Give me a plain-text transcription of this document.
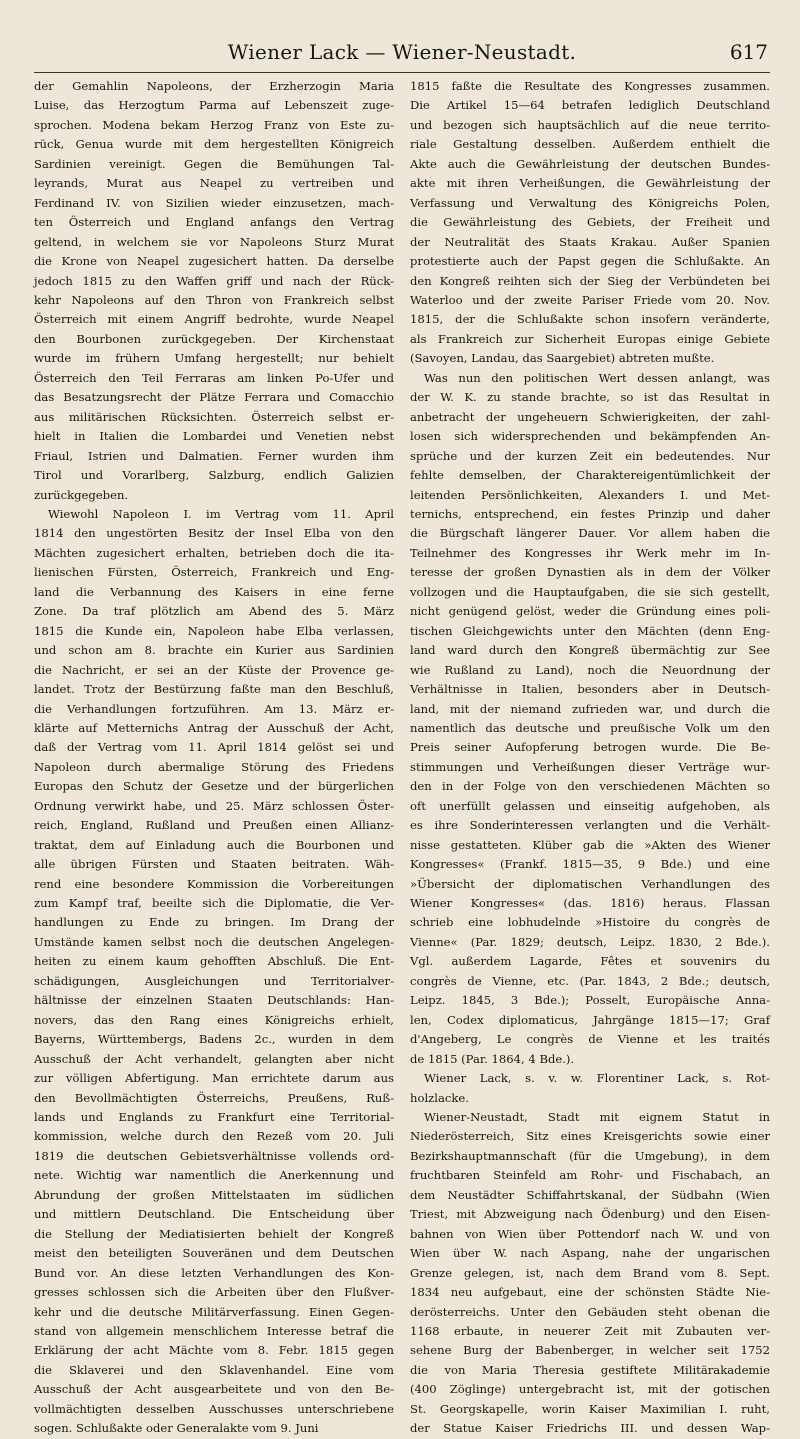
Wiener Lack — Wiener-Neustadt.	617
der Gemahlin Napoleons, der Erzherzogin Maria
Luise, das Herzogtum Parma auf Lebenszeit zuge-
sprochen. Modena bekam Herzog Franz von Este zu-
rück, Genua wurde mit dem hergestellten Königreich
Sardinien vereinigt. Gegen die Bemühungen Tal-
leyrands, Murat aus Neapel zu vertreiben und
Ferdinand IV. von Sizilien wieder einzusetzen, mach-
ten Österreich und England anfangs den Vertrag
geltend, in welchem sie vor Napoleons Sturz Murat
die Krone von Neapel zugesichert hatten. Da derselbe
jedoch 1815 zu den Waffen griff und nach der Rück-
kehr Napoleons auf den Thron von Frankreich selbst
Österreich mit einem Angriff bedrohte, wurde Neapel
den Bourbonen zurückgegeben. Der Kirchenstaat
wurde im frühern Umfang hergestellt; nur behielt
Österreich den Teil Ferraras am linken Po-Ufer und
das Besatzungsrecht der Plätze Ferrara und Comacchio
aus militärischen Rücksichten. Österreich selbst er-
hielt in Italien die Lombardei und Venetien nebst
Friaul, Istrien und Dalmatien. Ferner wurden ihm
Tirol und Vorarlberg, Salzburg, endlich Galizien
zurückgegeben.
Wiewohl Napoleon I. im Vertrag vom 11. April
1814 den ungestörten Besitz der Insel Elba von den
Mächten zugesichert erhalten, betrieben doch die ita-
lienischen Fürsten, Österreich, Frankreich und Eng-
land die Verbannung des Kaisers in eine ferne
Zone. Da traf plötzlich am Abend des 5. März
1815 die Kunde ein, Napoleon habe Elba verlassen,
und schon am 8. brachte ein Kurier aus Sardinien
die Nachricht, er sei an der Küste der Provence ge-
landet. Trotz der Bestürzung faßte man den Beschluß,
die Verhandlungen fortzuführen. Am 13. März er-
klärte auf Metternichs Antrag der Ausschuß der Acht,
daß der Vertrag vom 11. April 1814 gelöst sei und
Napoleon durch abermalige Störung des Friedens
Europas den Schutz der Gesetze und der bürgerlichen
Ordnung verwirkt habe, und 25. März schlossen Öster-
reich, England, Rußland und Preußen einen Allianz-
traktat, dem auf Einladung auch die Bourbonen und
alle übrigen Fürsten und Staaten beitraten. Wäh-
rend eine besondere Kommission die Vorbereitungen
zum Kampf traf, beeilte sich die Diplomatie, die Ver-
handlungen zu Ende zu bringen. Im Drang der
Umstände kamen selbst noch die deutschen Angelegen-
heiten zu einem kaum gehofften Abschluß. Die Ent-
schädigungen, Ausgleichungen und Territorialver-
hältnisse der einzelnen Staaten Deutschlands: Han-
novers, das den Rang eines Königreichs erhielt,
Bayerns, Württembergs, Badens 2c., wurden in dem
Ausschuß der Acht verhandelt, gelangten aber nicht
zur völligen Abfertigung. Man errichtete darum aus
den Bevollmächtigten Österreichs, Preußens, Ruß-
lands und Englands zu Frankfurt eine Territorial-
kommission, welche durch den Rezeß vom 20. Juli
1819 die deutschen Gebietsverhältnisse vollends ord-
nete. Wichtig war namentlich die Anerkennung und
Abrundung der großen Mittelstaaten im südlichen
und mittlern Deutschland. Die Entscheidung über
die Stellung der Mediatisierten behielt der Kongreß
meist den beteiligten Souveränen und dem Deutschen
Bund vor. An diese letzten Verhandlungen des Kon-
gresses schlossen sich die Arbeiten über den Flußver-
kehr und die deutsche Militärverfassung. Einen Gegen-
stand von allgemein menschlichem Interesse betraf die
Erklärung der acht Mächte vom 8. Febr. 1815 gegen
die Sklaverei und den Sklavenhandel. Eine vom
Ausschuß der Acht ausgearbeitete und von den Be-
vollmächtigten desselben Ausschusses unterschriebene
sogen. Schlußakte oder Generalakte vom 9. Juni
1815 faßte die Resultate des Kongresses zusammen.
Die Artikel 15—64 betrafen lediglich Deutschland
und bezogen sich hauptsächlich auf die neue territo-
riale Gestaltung desselben. Außerdem enthielt die
Akte auch die Gewährleistung der deutschen Bundes-
akte mit ihren Verheißungen, die Gewährleistung der
Verfassung und Verwaltung des Königreichs Polen,
die Gewährleistung des Gebiets, der Freiheit und
der Neutralität des Staats Krakau. Außer Spanien
protestierte auch der Papst gegen die Schlußakte. An
den Kongreß reihten sich der Sieg der Verbündeten bei
Waterloo und der zweite Pariser Friede vom 20. Nov.
1815, der die Schlußakte schon insofern veränderte,
als Frankreich zur Sicherheit Europas einige Gebiete
(Savoyen, Landau, das Saargebiet) abtreten mußte.
Was nun den politischen Wert dessen anlangt, was
der W. K. zu stande brachte, so ist das Resultat in
anbetracht der ungeheuern Schwierigkeiten, der zahl-
losen sich widersprechenden und bekämpfenden An-
sprüche und der kurzen Zeit ein bedeutendes. Nur
fehlte demselben, der Charaktereigentümlichkeit der
leitenden Persönlichkeiten, Alexanders I. und Met-
ternichs, entsprechend, ein festes Prinzip und daher
die Bürgschaft längerer Dauer. Vor allem haben die
Teilnehmer des Kongresses ihr Werk mehr im In-
teresse der großen Dynastien als in dem der Völker
vollzogen und die Hauptaufgaben, die sie sich gestellt,
nicht genügend gelöst, weder die Gründung eines poli-
tischen Gleichgewichts unter den Mächten (denn Eng-
land ward durch den Kongreß übermächtig zur See
wie Rußland zu Land), noch die Neuordnung der
Verhältnisse in Italien, besonders aber in Deutsch-
land, mit der niemand zufrieden war, und durch die
namentlich das deutsche und preußische Volk um den
Preis seiner Aufopferung betrogen wurde. Die Be-
stimmungen und Verheißungen dieser Verträge wur-
den in der Folge von den verschiedenen Mächten so
oft unerfüllt gelassen und einseitig aufgehoben, als
es ihre Sonderinteressen verlangten und die Verhält-
nisse gestatteten. Klüber gab die »Akten des Wiener
Kongresses« (Frankf. 1815—35, 9 Bde.) und eine
»Übersicht der diplomatischen Verhandlungen des
Wiener Kongresses« (das. 1816) heraus. Flassan
schrieb eine lobhudelnde »Histoire du congrès de
Vienne« (Par. 1829; deutsch, Leipz. 1830, 2 Bde.).
Vgl. außerdem Lagarde, Fêtes et souvenirs du
congrès de Vienne, etc. (Par. 1843, 2 Bde.; deutsch,
Leipz. 1845, 3 Bde.); Posselt, Europäische Anna-
len, Codex diplomaticus, Jahrgänge 1815—17; Graf
d'Angeberg, Le congrès de Vienne et les traités
de 1815 (Par. 1864, 4 Bde.).
Wiener Lack, s. v. w. Florentiner Lack, s. Rot-
holzlacke.
Wiener-Neustadt, Stadt mit eignem Statut in
Niederösterreich, Sitz eines Kreisgerichts sowie einer
Bezirkshauptmannschaft (für die Umgebung), in dem
fruchtbaren Steinfeld am Rohr- und Fischabach, an
dem Neustädter Schiffahrtskanal, der Südbahn (Wien
Triest, mit Abzweigung nach Ödenburg) und den Eisen-
bahnen von Wien über Pottendorf nach W. und von
Wien über W. nach Aspang, nahe der ungarischen
Grenze gelegen, ist, nach dem Brand vom 8. Sept.
1834 neu aufgebaut, eine der schönsten Städte Nie-
derösterreichs. Unter den Gebäuden steht obenan die
1168 erbaute, in neuerer Zeit mit Zubauten ver-
sehene Burg der Babenberger, in welcher seit 1752
die von Maria Theresia gestiftete Militärakademie
(400 Zöglinge) untergebracht ist, mit der gotischen
St. Georgskapelle, worin Kaiser Maximilian I. ruht,
der Statue Kaiser Friedrichs III. und dessen Wap-
